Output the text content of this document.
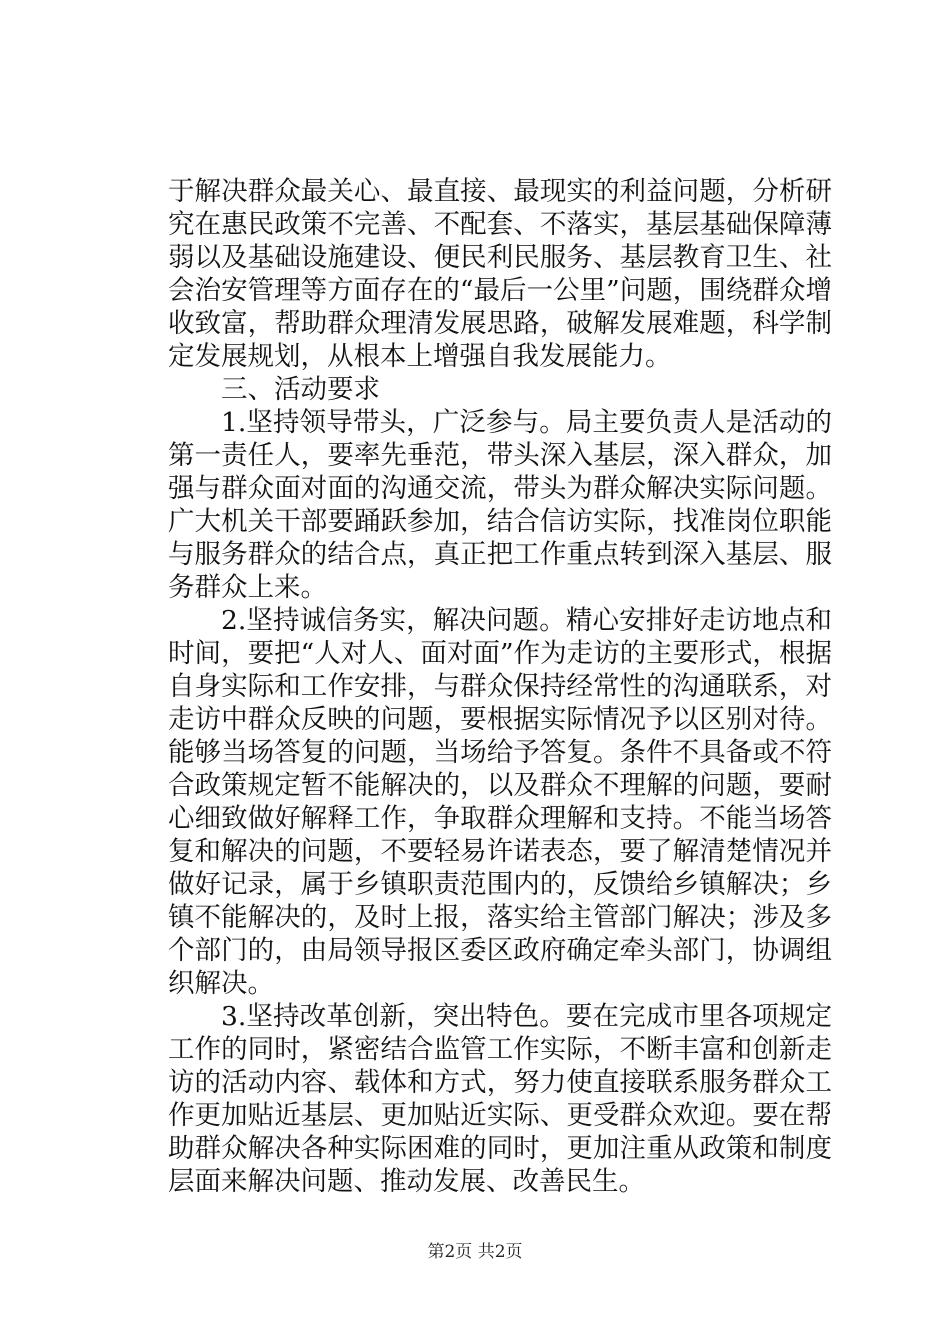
于解决群众最关心、最直接、最现实的利益问题，分析研究在惠民政策不完善、不配套、不落实，基层基础保障薄弱以及基础设施建设、便民利民服务、基层教育卫生、社会治安管理等方面存在的“最后一公里”问题，围绕群众增收致富，帮助群众理清发展思路，破解发展难题，科学制定发展规划，从根本上增强自我发展能力。

三、活动要求

1.坚持领导带头，广泛参与。局主要负责人是活动的第一责任人，要率先垂范，带头深入基层，深入群众，加强与群众面对面的沟通交流，带头为群众解决实际问题。广大机关干部要踊跃参加，结合信访实际，找准岗位职能与服务群众的结合点，真正把工作重点转到深入基层、服务群众上来。

2.坚持诚信务实，解决问题。精心安排好走访地点和时间，要把“人对人、面对面”作为走访的主要形式，根据自身实际和工作安排，与群众保持经常性的沟通联系，对走访中群众反映的问题，要根据实际情况予以区别对待。能够当场答复的问题，当场给予答复。条件不具备或不符合政策规定暂不能解决的，以及群众不理解的问题，要耐心细致做好解释工作，争取群众理解和支持。不能当场答复和解决的问题，不要轻易许诺表态，要了解清楚情况并做好记录，属于乡镇职责范围内的，反馈给乡镇解决；乡镇不能解决的，及时上报，落实给主管部门解决；涉及多个部门的，由局领导报区委区政府确定牵头部门，协调组织解决。

3.坚持改革创新，突出特色。要在完成市里各项规定工作的同时，紧密结合监管工作实际，不断丰富和创新走访的活动内容、载体和方式，努力使直接联系服务群众工作更加贴近基层、更加贴近实际、更受群众欢迎。要在帮助群众解决各种实际困难的同时，更加注重从政策和制度层面来解决问题、推动发展、改善民生。

第2页 共2页
